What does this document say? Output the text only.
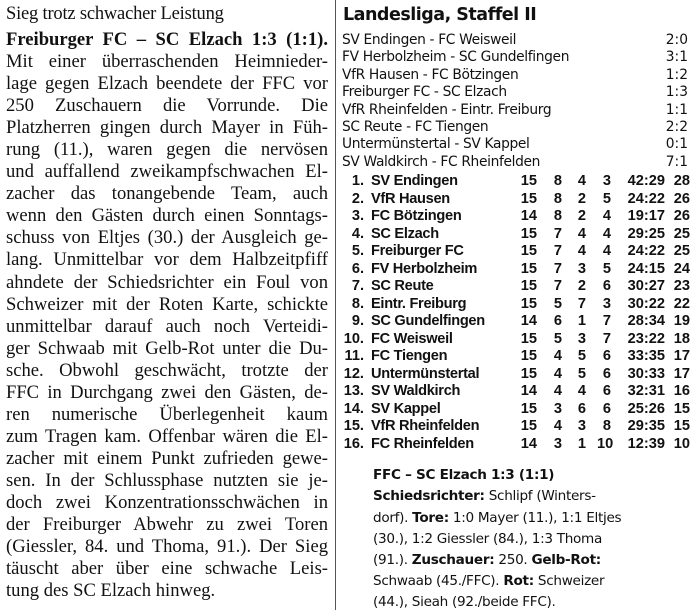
Sieg trotz schwacher Leistung
Freiburger FC – SC Elzach 1:3 (1:1).
Mit einer überraschenden Heimnieder-
lage gegen Elzach beendete der FFC vor
250 Zuschauern die Vorrunde. Die
Platzherren gingen durch Mayer in Füh-
rung (11.), waren gegen die nervösen
und auffallend zweikampfschwachen El-
zacher das tonangebende Team, auch
wenn den Gästen durch einen Sonntags-
schuss von Eltjes (30.) der Ausgleich ge-
lang. Unmittelbar vor dem Halbzeitpfiff
ahndete der Schiedsrichter ein Foul von
Schweizer mit der Roten Karte, schickte
unmittelbar darauf auch noch Verteidi-
ger Schwaab mit Gelb-Rot unter die Du-
sche. Obwohl geschwächt, trotzte der
FFC in Durchgang zwei den Gästen, de-
ren numerische Überlegenheit kaum
zum Tragen kam. Offenbar wären die El-
zacher mit einem Punkt zufrieden gewe-
sen. In der Schlussphase nutzten sie je-
doch zwei Konzentrationsschwächen in
der Freiburger Abwehr zu zwei Toren
(Giessler, 84. und Thoma, 91.). Der Sieg
täuscht aber über eine schwache Leis-
tung des SC Elzach hinweg.
Landesliga, Staffel II
SV Endingen - FC Weisweil	2:0
FV Herbolzheim - SC Gundelfingen	3:1
VfR Hausen - FC Bötzingen	1:2
Freiburger FC - SC Elzach	1:3
VfR Rheinfelden - Eintr. Freiburg	1:1
SC Reute - FC Tiengen	2:2
Untermünstertal - SV Kappel	0:1
SV Waldkirch - FC Rheinfelden	7:1
1. SV Endingen	15	8	4	3	42:29 28
2. VfR Hausen	15	8	2	5	24:22 26
3. FC Bötzingen	14	8	2	4	19:17 26
4. SC Elzach	15	7	4	4	29:25 25
5. Freiburger FC	15	7	4	4	24:22 25
6. FV Herbolzheim	15	7	3	5	24:15 24
7. SC Reute	15	7	2	6	30:27 23
8. Eintr. Freiburg	15	5	7	3	30:22 22
9. SC Gundelfingen 14	6	1	7	28:34 19
10. FC Weisweil	15	5	3	7	23:22 18
11. FC Tiengen	15	4	5	6	33:35 17
12. Untermünstertal	15	4	5	6	30:33 17
13. SV Waldkirch	14	4	4	6	32:31 16
14. SV Kappel	15	3	6	6	25:26 15
15. VfR Rheinfelden	15	4	3	8	29:35 15
16. FC Rheinfelden	14	3	1 10 12:39 10
FFC – SC Elzach 1:3 (1:1)
Schiedsrichter: Schlipf (Winters-
dorf). Tore: 1:0 Mayer (11.), 1:1 Eltjes
(30.), 1:2 Giessler (84.), 1:3 Thoma
(91.). Zuschauer: 250. Gelb-Rot:
Schwaab (45./FFC). Rot: Schweizer
(44.), Sieah (92./beide FFC).
